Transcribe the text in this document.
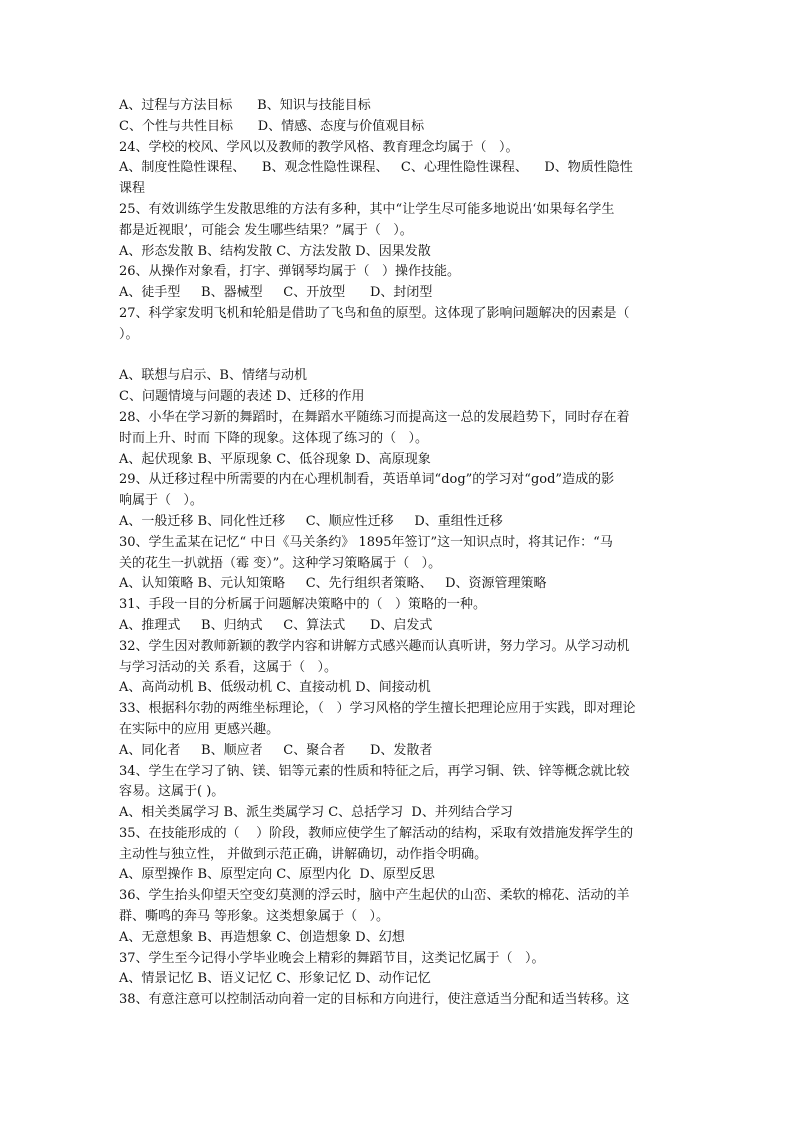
A、过程与方法目标      B、知识与技能目标
C、个性与共性目标      D、情感、态度与价值观目标
24、学校的校风、学风以及教师的教学风格、教育理念均属于（   ）。
A、制度性隐性课程、    B、观念性隐性课程、   C、心理性隐性课程、    D、物质性隐性
课程
25、有效训练学生发散思维的方法有多种，其中“让学生尽可能多地说出‘如果每名学生
都是近视眼’，可能会 发生哪些结果？”属于（   ）。
A、形态发散 B、结构发散 C、方法发散 D、因果发散
26、从操作对象看，打字、弹钢琴均属于（   ）操作技能。
A、徒手型     B、器械型     C、开放型      D、封闭型
27、科学家发明飞机和轮船是借助了飞鸟和鱼的原型。这体现了影响问题解决的因素是（
）。
A、联想与启示、B、情绪与动机
C、问题情境与问题的表述 D、迁移的作用
28、小华在学习新的舞蹈时，在舞蹈水平随练习而提高这一总的发展趋势下，同时存在着
时而上升、时而 下降的现象。这体现了练习的（   ）。
A、起伏现象 B、平原现象 C、低谷现象 D、高原现象
29、从迁移过程中所需要的内在心理机制看，英语单词“dog”的学习对“god”造成的影
响属于（   ）。
A、一般迁移 B、同化性迁移     C、顺应性迁移     D、重组性迁移
30、学生孟某在记忆“ 中日《马关条约》 1895年签订”这一知识点时，将其记作：“马
关的花生一扒就捂（霉 变）”。这种学习策略属于（   ）。
A、认知策略 B、元认知策略     C、先行组织者策略、   D、资源管理策略
31、手段一目的分析属于问题解决策略中的（   ）策略的一种。
A、推理式     B、归纳式     C、算法式      D、启发式
32、学生因对教师新颖的教学内容和讲解方式感兴趣而认真听讲，努力学习。从学习动机
与学习活动的关 系看，这属于（   ）。
A、高尚动机 B、低级动机 C、直接动机 D、间接动机
33、根据科尔勃的两维坐标理论，（   ）学习风格的学生擅长把理论应用于实践，即对理论
在实际中的应用 更感兴趣。
A、同化者     B、顺应者     C、聚合者      D、发散者
34、学生在学习了钠、镁、铝等元素的性质和特征之后，再学习铜、铁、锌等概念就比较
容易。这属于( )。
A、相关类属学习 B、派生类属学习 C、总括学习  D、并列结合学习
35、在技能形成的（    ）阶段，教师应使学生了解活动的结构，采取有效措施发挥学生的
主动性与独立性， 并做到示范正确，讲解确切，动作指令明确。
A、原型操作 B、原型定向 C、原型内化  D、原型反思
36、学生抬头仰望天空变幻莫测的浮云时，脑中产生起伏的山峦、柔软的棉花、活动的羊
群、嘶鸣的奔马 等形象。这类想象属于（   ）。
A、无意想象 B、再造想象 C、创造想象 D、幻想
37、学生至今记得小学毕业晚会上精彩的舞蹈节目，这类记忆属于（   ）。
A、情景记忆 B、语义记忆 C、形象记忆 D、动作记忆
38、有意注意可以控制活动向着一定的目标和方向进行，使注意适当分配和适当转移。这
